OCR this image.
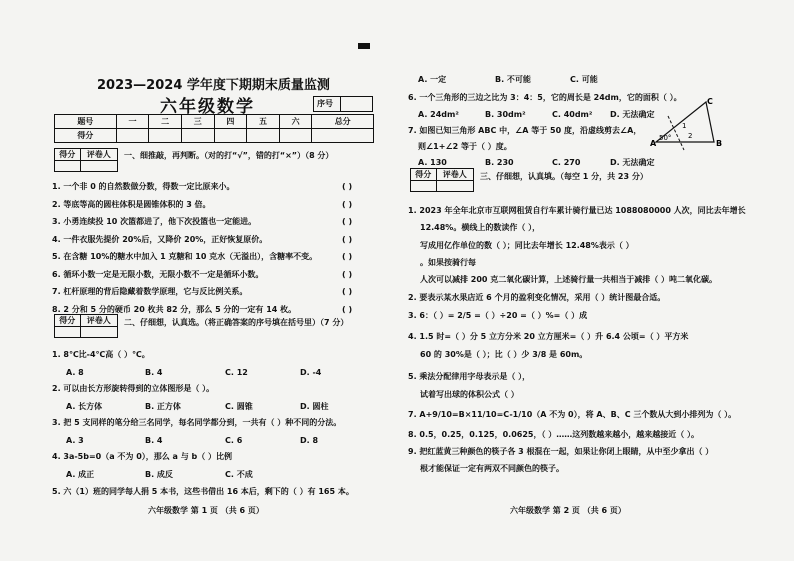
2023—2024 学年度下期期末质量监测
六年级数学	序号
题号	一	二	三	四	五	六	总分
得分							
得分	评卷人
	一、细推敲，再判断。（对的打“√”，错的打“×”）（8 分）
1. 一个非 0 的自然数做分数，得数一定比原来小。	( )
2. 等底等高的圆柱体积是圆锥体积的 3 倍。	( )
3. 小勇连续投 10 次篮都进了，他下次投篮也一定能进。	( )
4. 一件衣服先提价 20%后，又降价 20%，正好恢复原价。	( )
5. 在含糖 10%的糖水中加入 1 克糖和 10 克水（无溢出），含糖率不变。	( )
6. 循环小数一定是无限小数，无限小数不一定是循环小数。	( )
7. 杠杆原理的背后隐藏着数学原理，它与反比例关系。	( )
8. 2 分和 5 分的硬币 20 枚共 82 分，那么 5 分的一定有 14 枚。	( )
得分	评卷人
	二、仔细想，认真选。（将正确答案的序号填在括号里）（7 分）
1. 8℃比-4℃高（ ）℃。
A. 8	B. 4	C. 12	D. -4
2. 可以由长方形旋转得到的立体图形是（ ）。
A. 长方体	B. 正方体	C. 圆锥	D. 圆柱
3. 把 5 支同样的笔分给三名同学，每名同学都分到，一共有（ ）种不同的分法。
A. 3	B. 4	C. 6	D. 8
4. 3a-5b=0（a 不为 0），那么 a 与 b（ ）比例
A. 成正	B. 成反	C. 不成
5. 六（1）班的同学每人捐 5 本书，这些书借出 16 本后，剩下的（ ）有 165 本。
六年级数学 第 1 页 （共 6 页）
A. 一定	B. 不可能	C. 可能
6. 一个三角形的三边之比为 3：4：5，它的周长是 24dm，它的面积（ ）。
A. 24dm²	B. 30dm²	C. 40dm² D. 无法确定
7. 如图已知三角形 ABC 中，∠A 等于 50 度，沿虚线剪去∠A，
则∠1+∠2 等于（ ）度。
A. 130	B. 230	C. 270	D. 无法确定
A	B
C
50°
1
2
得分	评卷人
	三、仔细想，认真填。（每空 1 分，共 23 分）
1. 2023 年全年北京市互联网租赁自行车累计骑行量已达 1088080000 人次，同比去年增长
12.48%。横线上的数读作（ ），
写成用亿作单位的数（ ）；同比去年增长 12.48%表示（ ）
。如果按骑行每
人次可以减排 200 克二氧化碳计算，上述骑行量一共相当于减排（ ）吨二氧化碳。
2. 要表示某水果店近 6 个月的盈利变化情况，采用（ ）统计图最合适。
3. 6：（ ）= 2/5 =（ ）÷20 =（ ）%=（ ）成
4. 1.5 时=（ ）分 5 立方分米 20 立方厘米=（ ）升 6.4 公顷=（ ）平方米
60 的 30%是（ ）；比（ ）少 3/8 是 60m。
5. 乘法分配律用字母表示是（ ），
试着写出球的体积公式（ ）
7. A+9/10=B×11/10=C-1/10（A 不为 0），将 A、B、C 三个数从大到小排列为（ ）。
8. 0.5，0.25，0.125，0.0625，（ ）……这列数越来越小，越来越接近（ ）。
9. 把红蓝黄三种颜色的筷子各 3 根混在一起，如果让你闭上眼睛，从中至少拿出（ ）
根才能保证一定有两双不同颜色的筷子。
六年级数学 第 2 页 （共 6 页）
